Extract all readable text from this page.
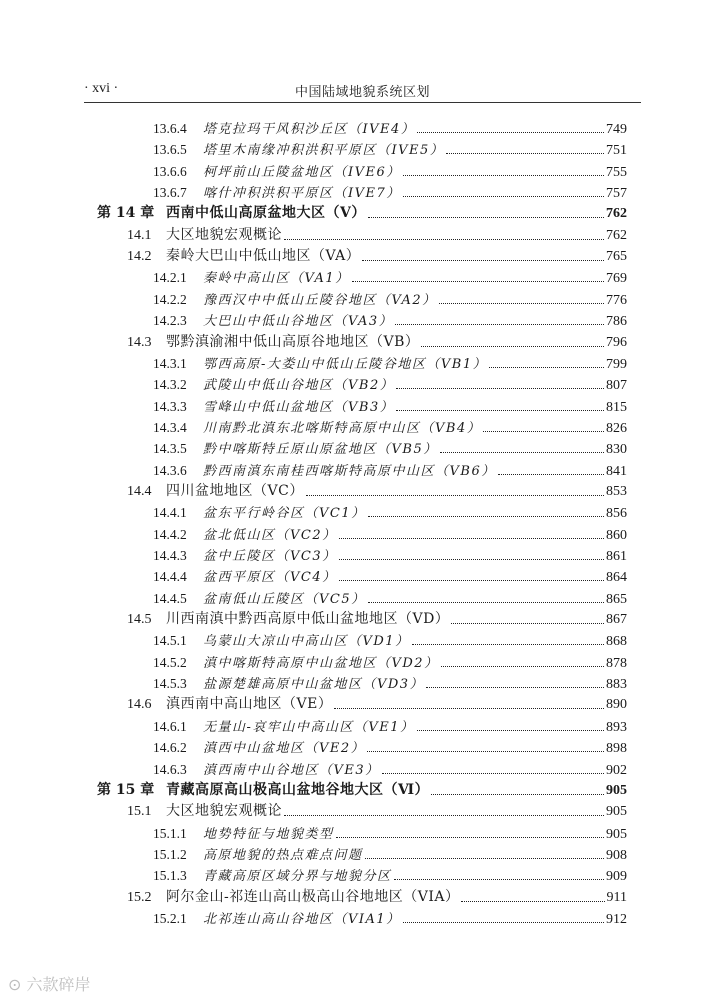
· xvi ·	中国陆域地貌系统区划
13.6.4	塔克拉玛干风积沙丘区（IVE4）	749
13.6.5	塔里木南缘冲积洪积平原区（IVE5）	751
13.6.6	柯坪前山丘陵盆地区（IVE6）	755
13.6.7	喀什冲积洪积平原区（IVE7）	757
第 14 章 西南中低山高原盆地大区（Ⅴ）	762
14.1	大区地貌宏观概论	762
14.2	秦岭大巴山中低山地区（VA）	765
14.2.1	秦岭中高山区（VA1）	769
14.2.2	豫西汉中中低山丘陵谷地区（VA2）	776
14.2.3	大巴山中低山谷地区（VA3）	786
14.3	鄂黔滇渝湘中低山高原谷地地区（VB）	796
14.3.1	鄂西高原-大娄山中低山丘陵谷地区（VB1）	799
14.3.2	武陵山中低山谷地区（VB2）	807
14.3.3	雪峰山中低山盆地区（VB3）	815
14.3.4	川南黔北滇东北喀斯特高原中山区（VB4）	826
14.3.5	黔中喀斯特丘原山原盆地区（VB5）	830
14.3.6	黔西南滇东南桂西喀斯特高原中山区（VB6）	841
14.4	四川盆地地区（VC）	853
14.4.1	盆东平行岭谷区（VC1）	856
14.4.2	盆北低山区（VC2）	860
14.4.3	盆中丘陵区（VC3）	861
14.4.4	盆西平原区（VC4）	864
14.4.5	盆南低山丘陵区（VC5）	865
14.5	川西南滇中黔西高原中低山盆地地区（VD）	867
14.5.1	乌蒙山大凉山中高山区（VD1）	868
14.5.2	滇中喀斯特高原中山盆地区（VD2）	878
14.5.3	盐源楚雄高原中山盆地区（VD3）	883
14.6	滇西南中高山地区（VE）	890
14.6.1	无量山-哀牢山中高山区（VE1）	893
14.6.2	滇西中山盆地区（VE2）	898
14.6.3	滇西南中山谷地区（VE3）	902
第 15 章 青藏高原高山极高山盆地谷地大区（Ⅵ）	905
15.1	大区地貌宏观概论	905
15.1.1	地势特征与地貌类型	905
15.1.2	高原地貌的热点难点问题	908
15.1.3	青藏高原区域分界与地貌分区	909
15.2	阿尔金山-祁连山高山极高山谷地地区（VIA）	911
15.2.1	北祁连山高山谷地区（VIA1）	912
⊙ 六款碎岸
